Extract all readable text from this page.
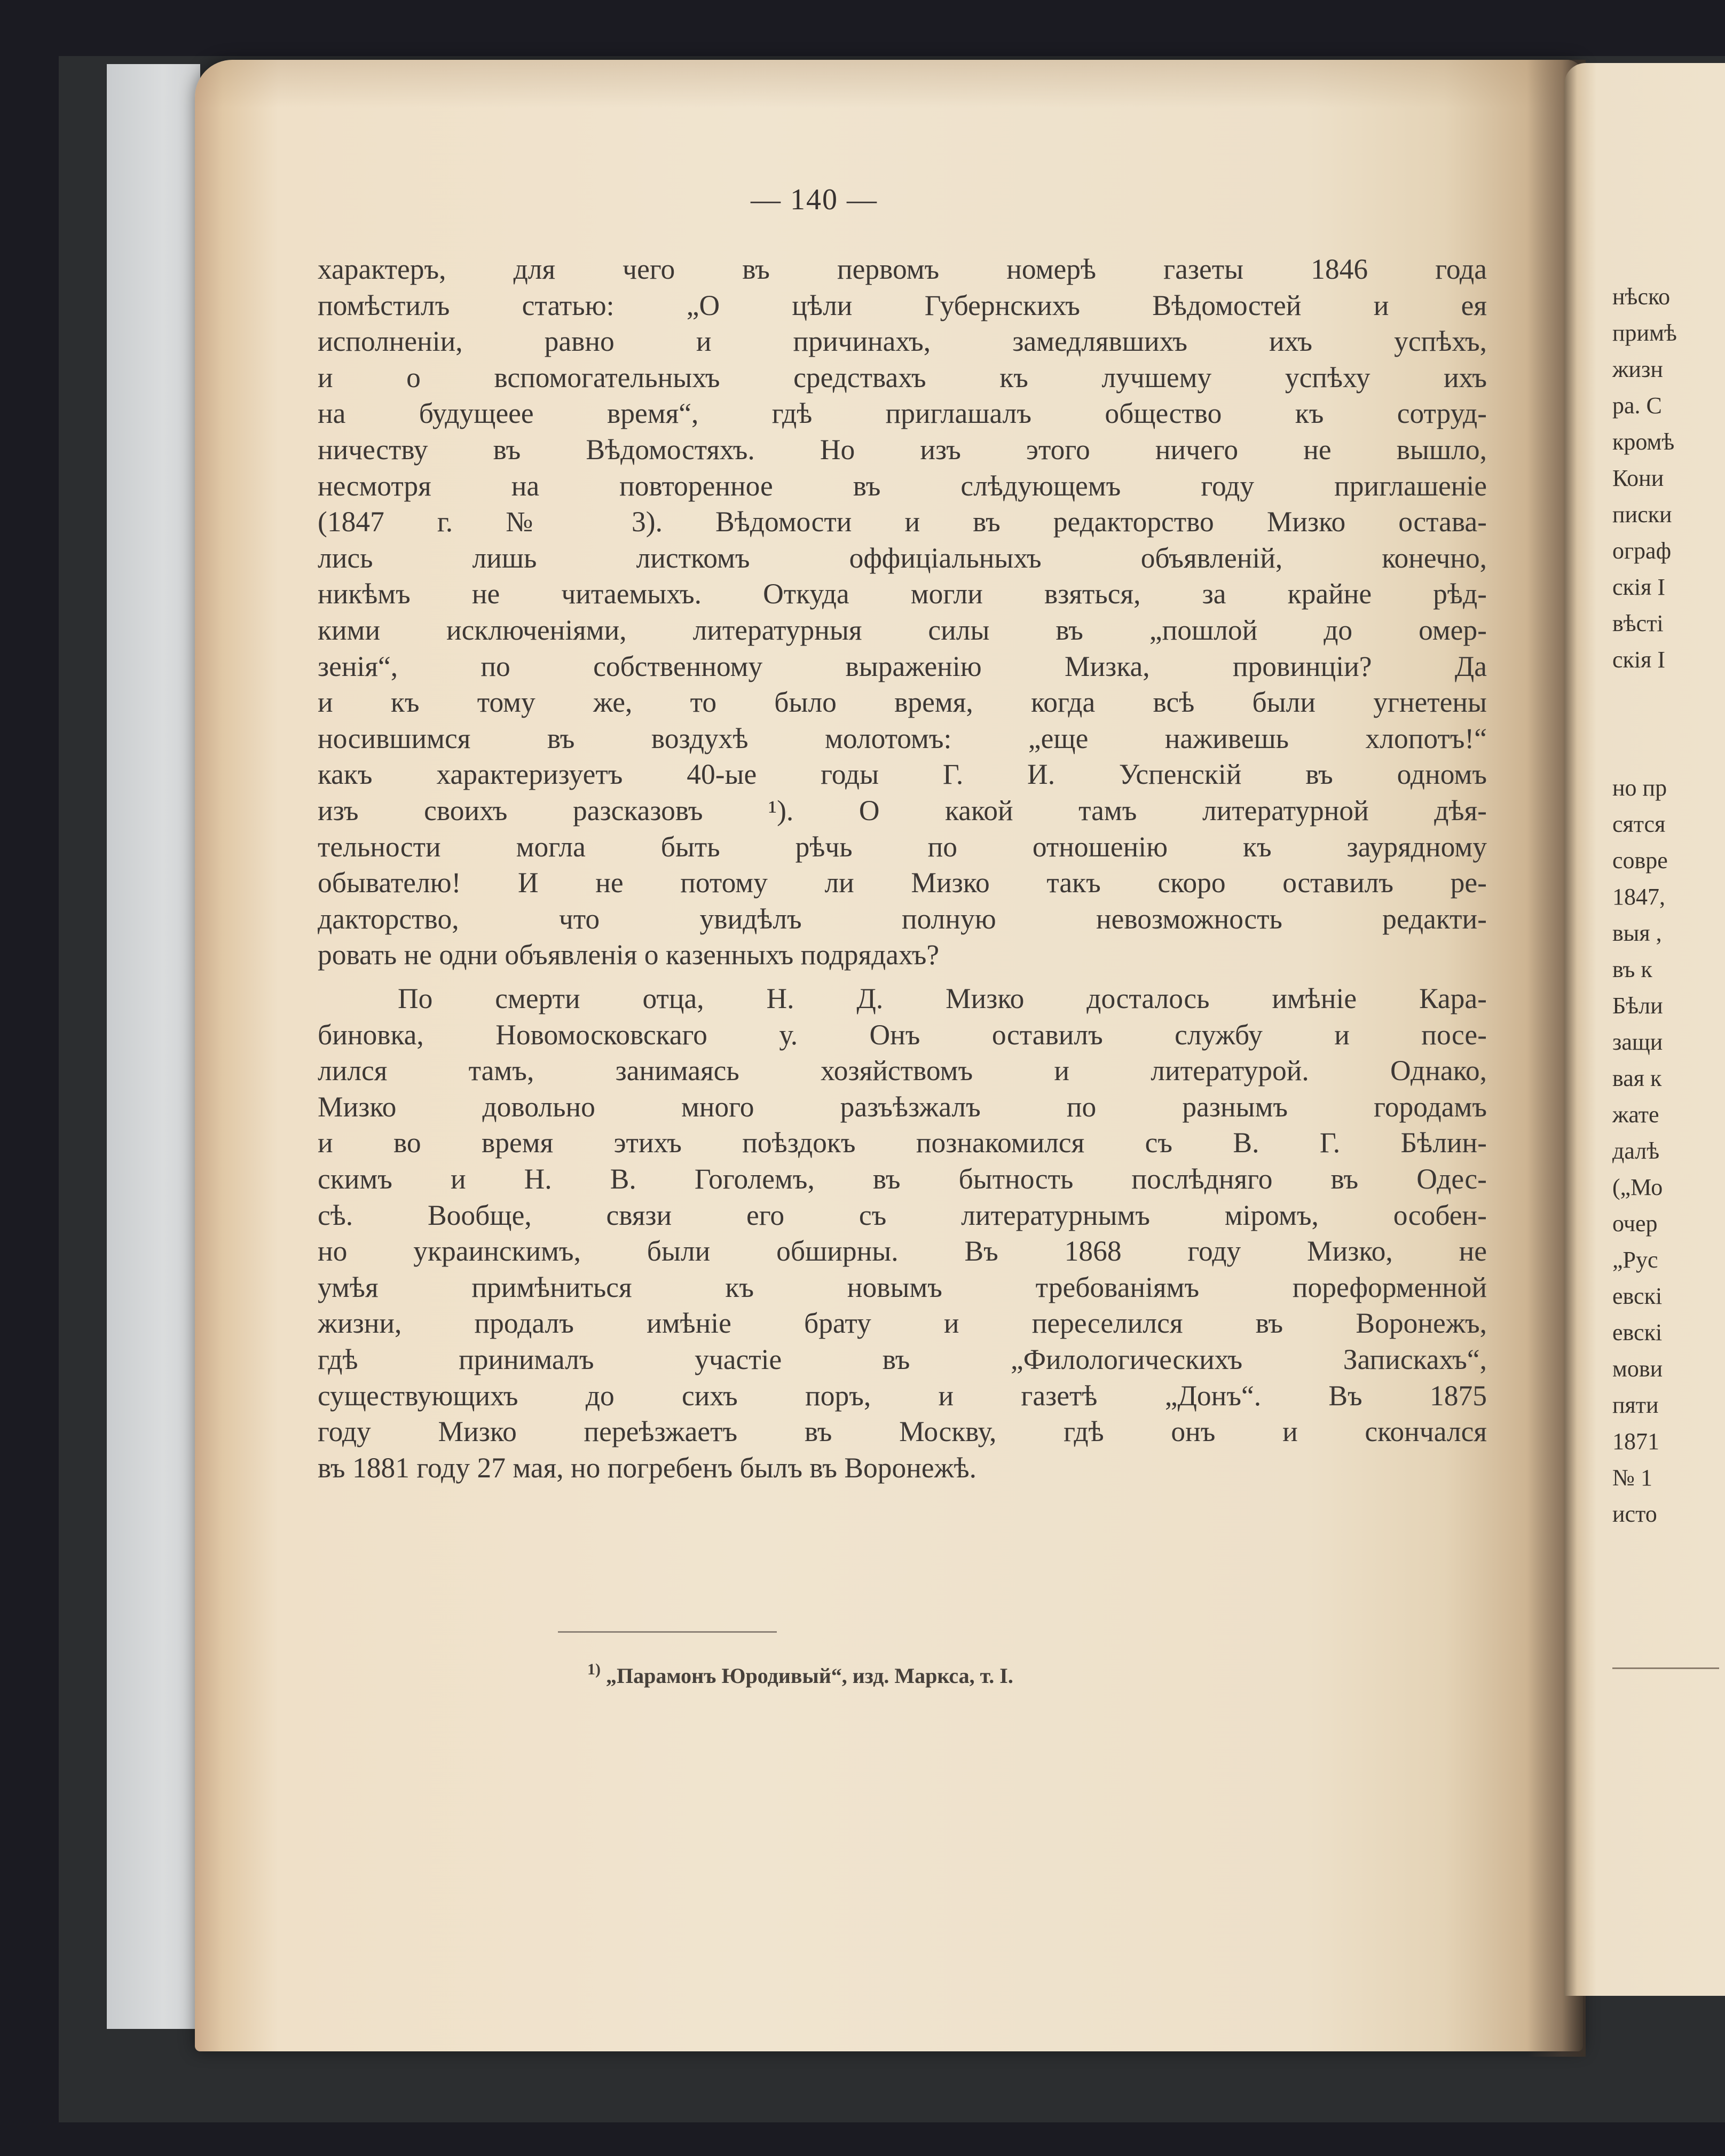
— 140 —
характеръ, для чего въ первомъ номерѣ газеты 1846 года
помѣстилъ статью: „О цѣли Губернскихъ Вѣдомостей и ея
исполненіи, равно и причинахъ, замедлявшихъ ихъ успѣхъ,
и о вспомогательныхъ средствахъ къ лучшему успѣху ихъ
на будущеее время“, гдѣ приглашалъ общество къ сотруд-
ничеству въ Вѣдомостяхъ. Но изъ этого ничего не вышло,
несмотря на повторенное въ слѣдующемъ году приглашеніе
(1847 г. № 3). Вѣдомости и въ редакторство Мизко остава-
лись лишь листкомъ оффиціальныхъ объявленій, конечно,
никѣмъ не читаемыхъ. Откуда могли взяться, за крайне рѣд-
кими исключеніями, литературныя силы въ „пошлой до омер-
зенія“, по собственному выраженію Мизка, провинціи? Да
и къ тому же, то было время, когда всѣ были угнетены
носившимся въ воздухѣ молотомъ: „еще наживешь хлопотъ!“
какъ характеризуетъ 40-ые годы Г. И. Успенскій въ одномъ
изъ своихъ разсказовъ ¹). О какой тамъ литературной дѣя-
тельности могла быть рѣчь по отношенію къ заурядному
обывателю! И не потому ли Мизко такъ скоро оставилъ ре-
дакторство, что увидѣлъ полную невозможность редакти-
ровать не одни объявленія о казенныхъ подрядахъ?
По смерти отца, Н. Д. Мизко досталось имѣніе Кара-
биновка, Новомосковскаго у. Онъ оставилъ службу и посе-
лился тамъ, занимаясь хозяйствомъ и литературой. Однако,
Мизко довольно много разъѣзжалъ по разнымъ городамъ
и во время этихъ поѣздокъ познакомился съ В. Г. Бѣлин-
скимъ и Н. В. Гоголемъ, въ бытность послѣдняго въ Одес-
сѣ. Вообще, связи его съ литературнымъ міромъ, особен-
но украинскимъ, были обширны. Въ 1868 году Мизко, не
умѣя примѣниться къ новымъ требованіямъ пореформенной
жизни, продалъ имѣніе брату и переселился въ Воронежъ,
гдѣ принималъ участіе въ „Филологическихъ Запискахъ“,
существующихъ до сихъ поръ, и газетѣ „Донъ“. Въ 1875
году Мизко переѣзжаетъ въ Москву, гдѣ онъ и скончался
въ 1881 году 27 мая, но погребенъ былъ въ Воронежѣ.
$^{1)}$ „Парамонъ Юродивый“, изд. Маркса, т. I.
нѣско
примѣ
жизн
ра. С
кромѣ
Кони
писки
ограф
скія І
вѣсті
скія І
но пр
сятся
совре
1847,
выя ,
въ к
Бѣли
защи
вая к
жате
далѣ
(„Мо
очер
„Рус
евскі
евскі
мови
пяти
1871
№ 1
исто
